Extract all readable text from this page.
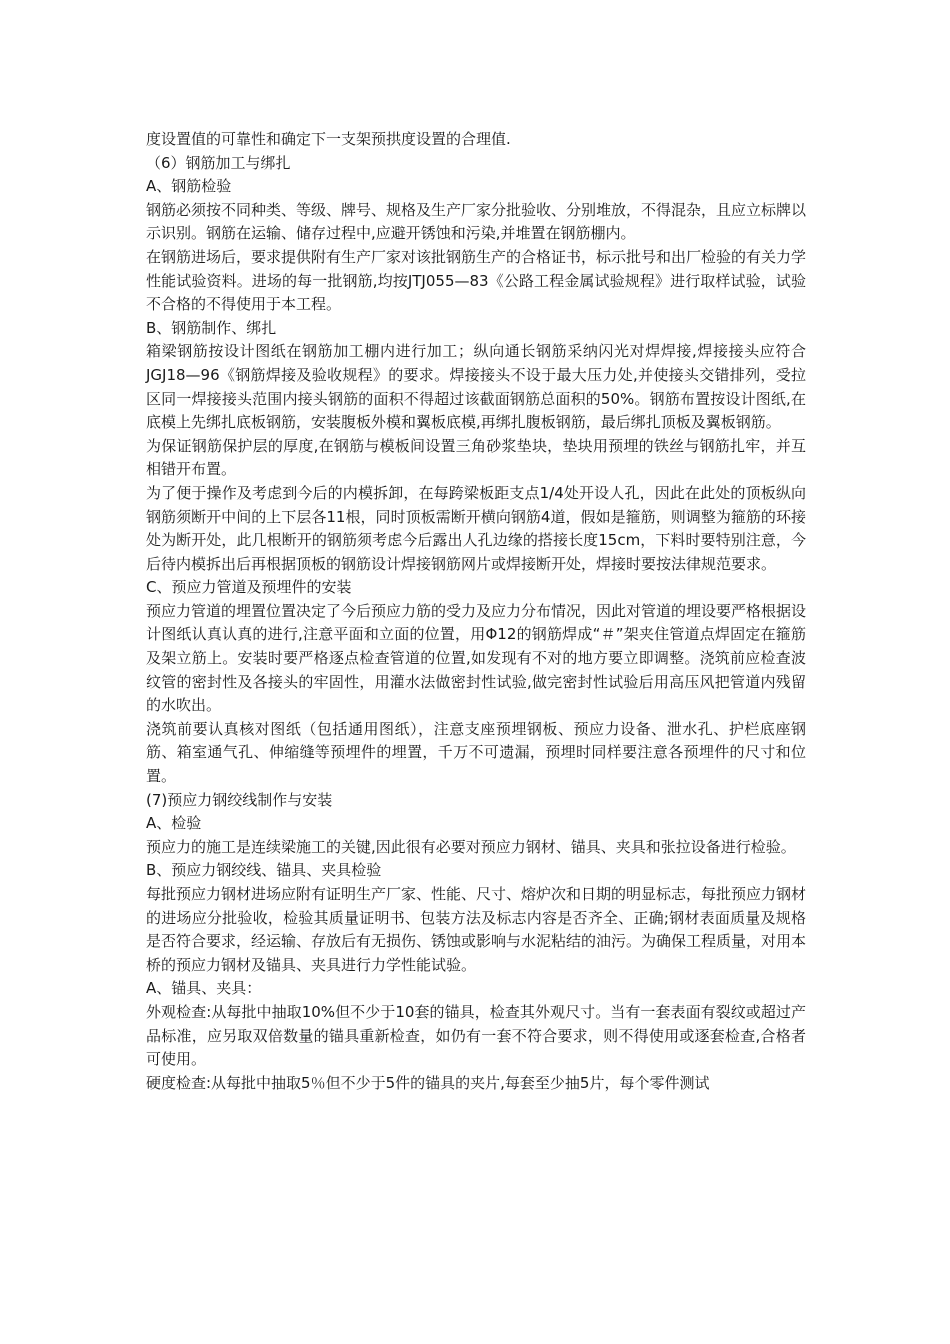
度设置值的可靠性和确定下一支架预拱度设置的合理值.

（6）钢筋加工与绑扎

A、钢筋检验

钢筋必须按不同种类、等级、牌号、规格及生产厂家分批验收、分别堆放，不得混杂，且应立标牌以示识别。钢筋在运输、储存过程中,应避开锈蚀和污染,并堆置在钢筋棚内。

在钢筋进场后，要求提供附有生产厂家对该批钢筋生产的合格证书，标示批号和出厂检验的有关力学性能试验资料。进场的每一批钢筋,均按JTJ055—83《公路工程金属试验规程》进行取样试验，试验不合格的不得使用于本工程。

B、钢筋制作、绑扎

箱梁钢筋按设计图纸在钢筋加工棚内进行加工；纵向通长钢筋采纳闪光对焊焊接,焊接接头应符合JGJ18—96《钢筋焊接及验收规程》的要求。焊接接头不设于最大压力处,并使接头交错排列，受拉区同一焊接接头范围内接头钢筋的面积不得超过该截面钢筋总面积的50%。钢筋布置按设计图纸,在底模上先绑扎底板钢筋，安装腹板外模和翼板底模,再绑扎腹板钢筋，最后绑扎顶板及翼板钢筋。

为保证钢筋保护层的厚度,在钢筋与模板间设置三角砂浆垫块，垫块用预埋的铁丝与钢筋扎牢，并互相错开布置。

为了便于操作及考虑到今后的内模拆卸，在每跨梁板距支点1/4处开设人孔，因此在此处的顶板纵向钢筋须断开中间的上下层各11根，同时顶板需断开横向钢筋4道，假如是箍筋，则调整为箍筋的环接处为断开处，此几根断开的钢筋须考虑今后露出人孔边缘的搭接长度15cm，下料时要特别注意，今后待内模拆出后再根据顶板的钢筋设计焊接钢筋网片或焊接断开处，焊接时要按法律规范要求。

C、预应力管道及预埋件的安装

预应力管道的埋置位置决定了今后预应力筋的受力及应力分布情况，因此对管道的埋设要严格根据设计图纸认真认真的进行,注意平面和立面的位置，用Φ12的钢筋焊成“＃”架夹住管道点焊固定在箍筋及架立筋上。安装时要严格逐点检查管道的位置,如发现有不对的地方要立即调整。浇筑前应检查波纹管的密封性及各接头的牢固性，用灌水法做密封性试验,做完密封性试验后用高压风把管道内残留的水吹出。

浇筑前要认真核对图纸（包括通用图纸），注意支座预埋钢板、预应力设备、泄水孔、护栏底座钢筋、箱室通气孔、伸缩缝等预埋件的埋置，千万不可遗漏，预埋时同样要注意各预埋件的尺寸和位置。

(7)预应力钢绞线制作与安装

A、检验

预应力的施工是连续梁施工的关键,因此很有必要对预应力钢材、锚具、夹具和张拉设备进行检验。

B、预应力钢绞线、锚具、夹具检验

每批预应力钢材进场应附有证明生产厂家、性能、尺寸、熔炉次和日期的明显标志，每批预应力钢材的进场应分批验收，检验其质量证明书、包装方法及标志内容是否齐全、正确;钢材表面质量及规格是否符合要求，经运输、存放后有无损伤、锈蚀或影响与水泥粘结的油污。为确保工程质量，对用本桥的预应力钢材及锚具、夹具进行力学性能试验。

A、锚具、夹具：

外观检查:从每批中抽取10%但不少于10套的锚具，检查其外观尺寸。当有一套表面有裂纹或超过产品标准，应另取双倍数量的锚具重新检查，如仍有一套不符合要求，则不得使用或逐套检查,合格者可使用。

硬度检查:从每批中抽取5％但不少于5件的锚具的夹片,每套至少抽5片，每个零件测试
